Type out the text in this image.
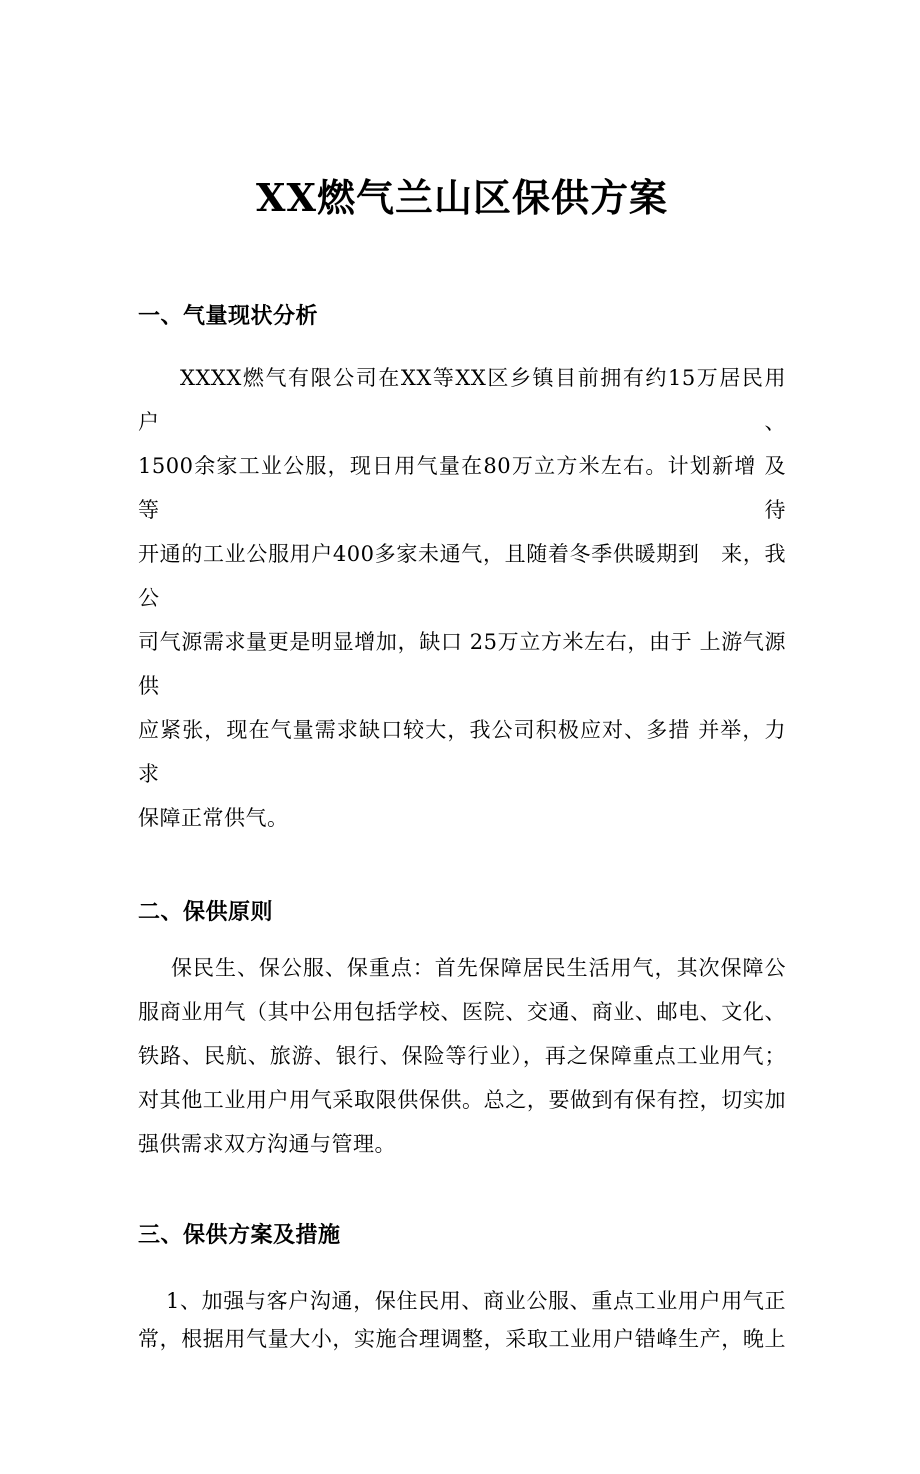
XX燃气兰山区保供方案
一、气量现状分析
XXXX燃气有限公司在XX等XX区乡镇目前拥有约15万居民用　　户、
1500余家工业公服，现日用气量在80万立方米左右。计划新增 及等待
开通的工业公服用户400多家未通气，且随着冬季供暖期到　来，我公
司气源需求量更是明显增加，缺口 25万立方米左右，由于 上游气源供
应紧张，现在气量需求缺口较大，我公司积极应对、多措 并举，力求
保障正常供气。
二、保供原则
保民生、保公服、保重点：首先保障居民生活用气，其次保障公
服商业用气（其中公用包括学校、医院、交通、商业、邮电、文化、
铁路、民航、旅游、银行、保险等行业），再之保障重点工业用气；
对其他工业用户用气采取限供保供。总之，要做到有保有控，切实加
强供需求双方沟通与管理。
三、保供方案及措施
1、加强与客户沟通，保住民用、商业公服、重点工业用户用气正
常，根据用气量大小，实施合理调整，采取工业用户错峰生产，晚上
